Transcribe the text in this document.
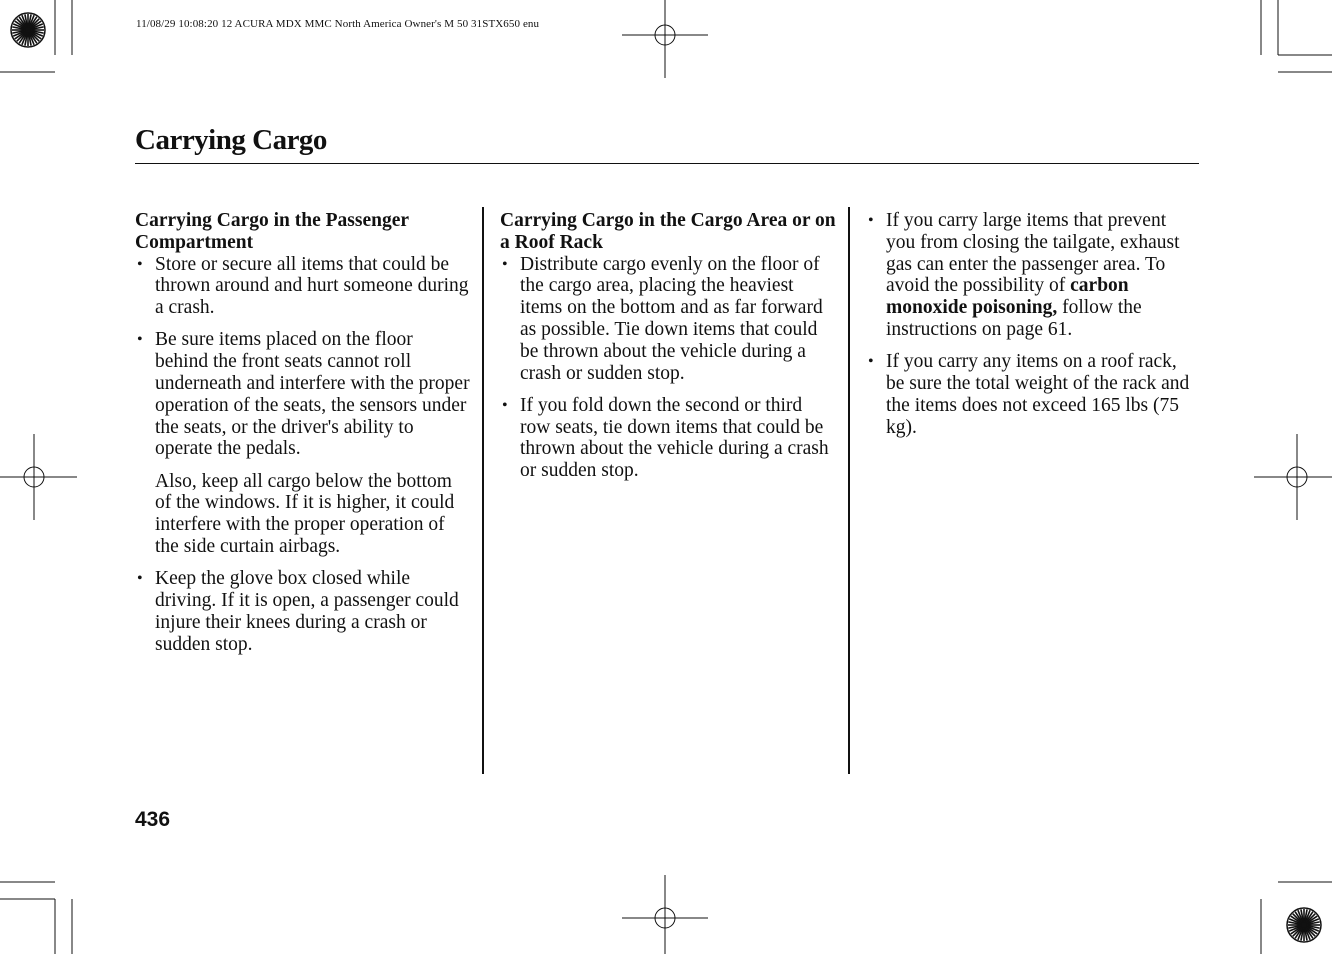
11/08/29 10:08:20 12 ACURA MDX MMC North America Owner's M 50 31STX650 enu
Carrying Cargo
Carrying Cargo in the Passenger Compartment
• Store or secure all items that could be thrown around and hurt someone during a crash.
• Be sure items placed on the floor behind the front seats cannot roll underneath and interfere with the proper operation of the seats, the sensors under the seats, or the driver's ability to operate the pedals.
Also, keep all cargo below the bottom of the windows. If it is higher, it could interfere with the proper operation of the side curtain airbags.
• Keep the glove box closed while driving. If it is open, a passenger could injure their knees during a crash or sudden stop.
Carrying Cargo in the Cargo Area or on a Roof Rack
• Distribute cargo evenly on the floor of the cargo area, placing the heaviest items on the bottom and as far forward as possible. Tie down items that could be thrown about the vehicle during a crash or sudden stop.
• If you fold down the second or third row seats, tie down items that could be thrown about the vehicle during a crash or sudden stop.
• If you carry large items that prevent you from closing the tailgate, exhaust gas can enter the passenger area. To avoid the possibility of carbon monoxide poisoning, follow the instructions on page 61.
• If you carry any items on a roof rack, be sure the total weight of the rack and the items does not exceed 165 lbs (75 kg).
436
